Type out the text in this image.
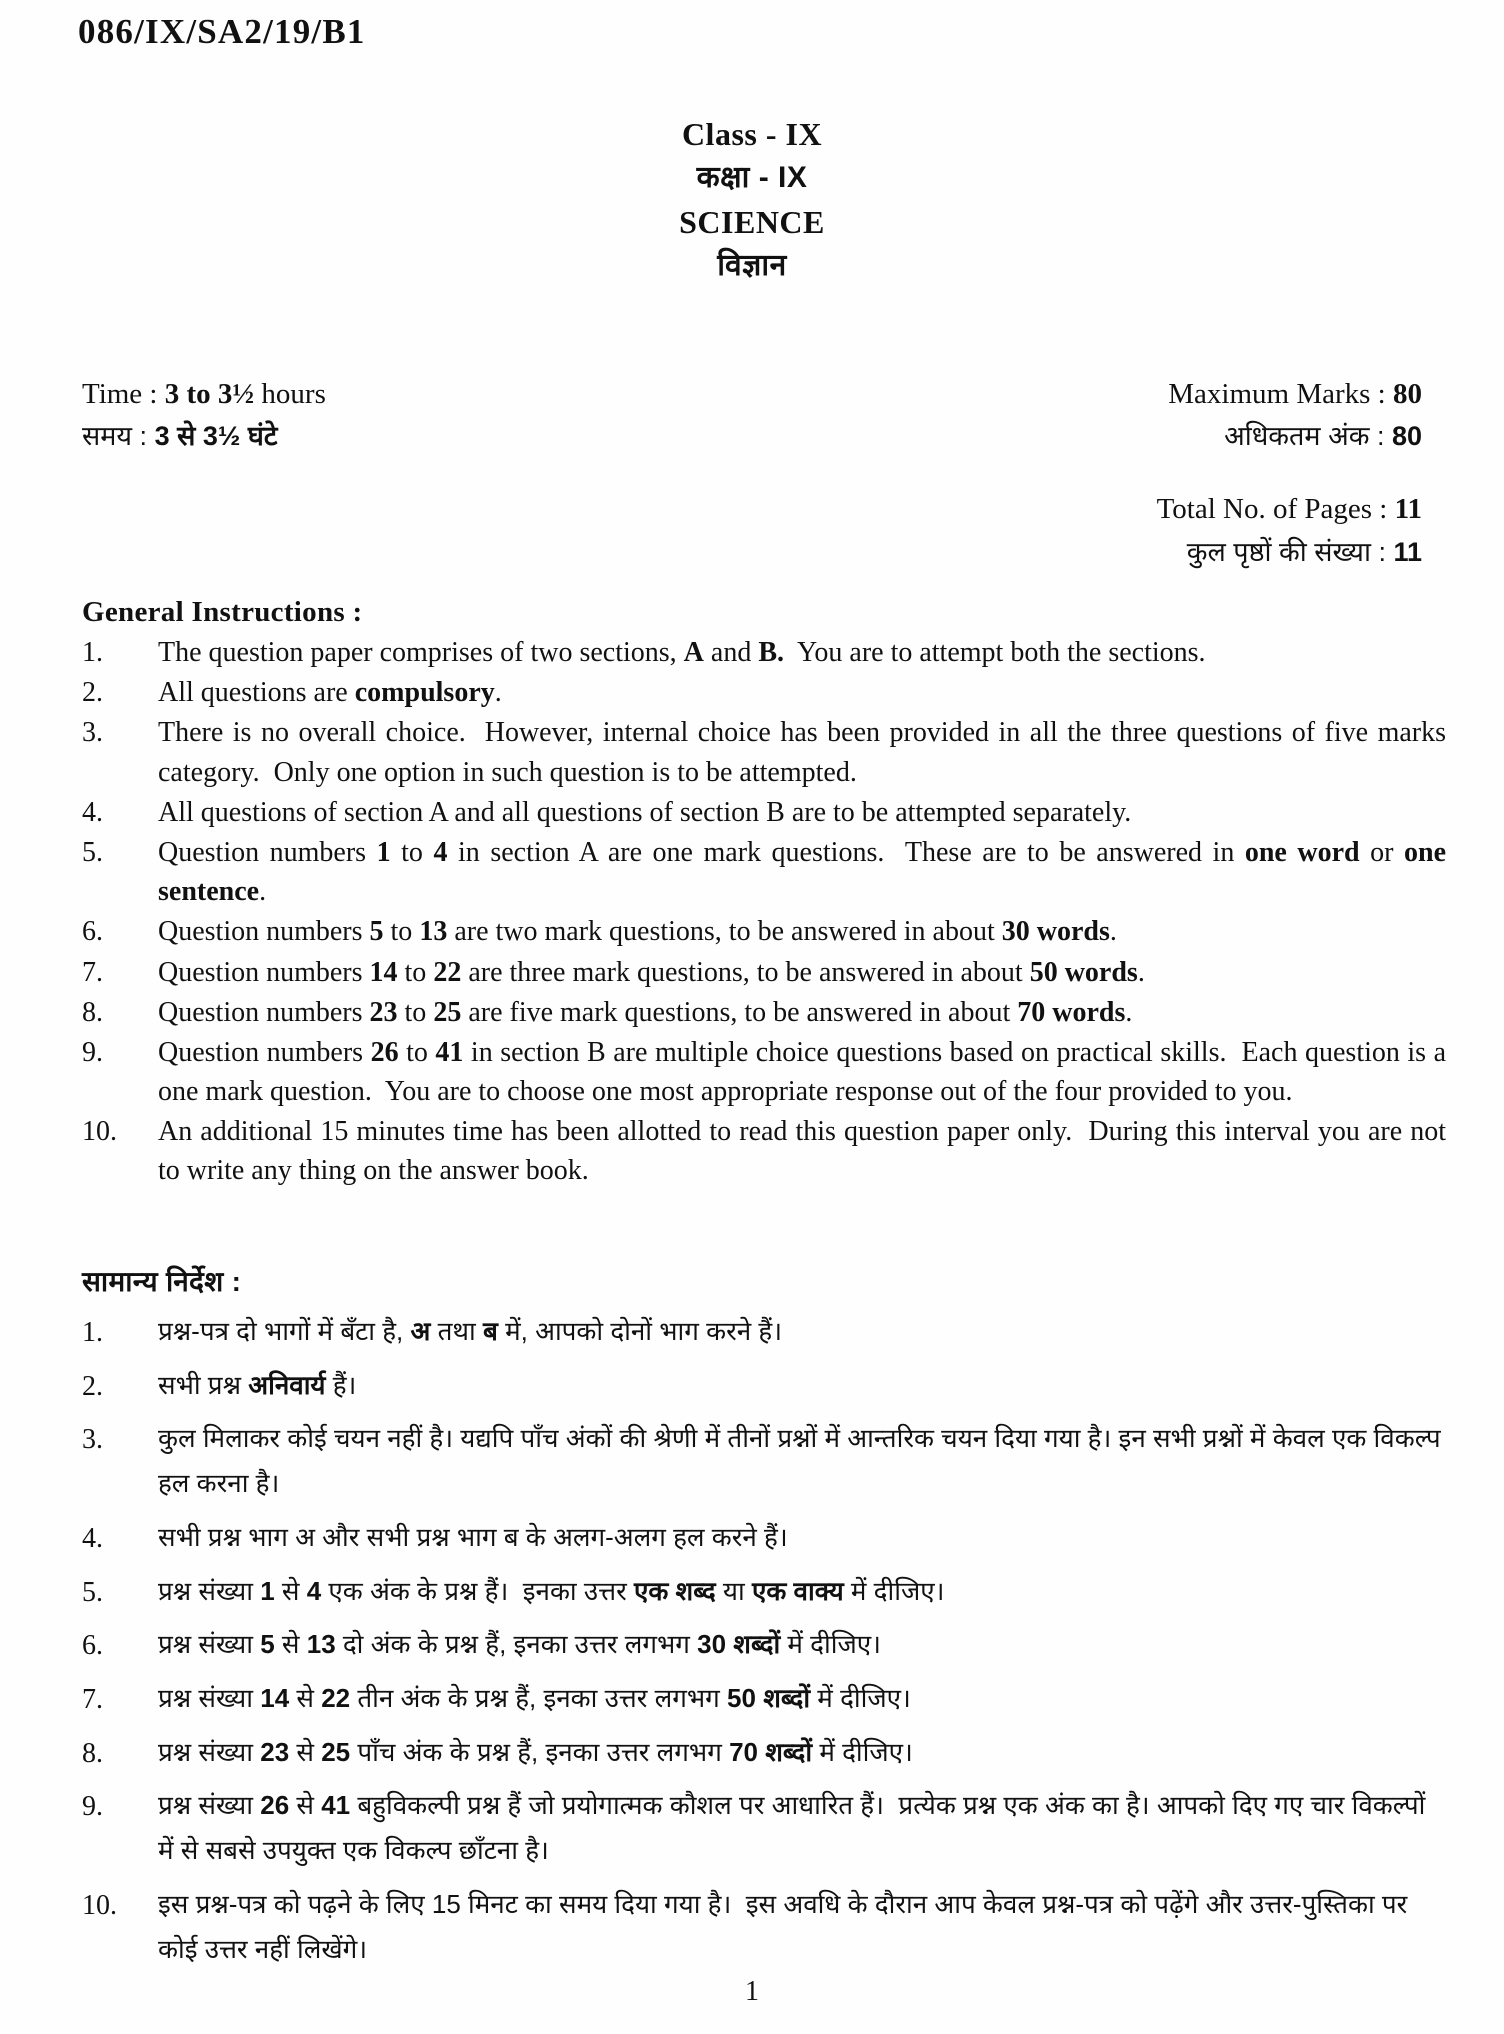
086/IX/SA2/19/B1
Class - IX
कक्षा - IX
SCIENCE
विज्ञान
Time : 3 to 3½ hours	Maximum Marks : 80
समय : 3 से 3½ घंटे	अधिकतम अंक : 80
Total No. of Pages : 11
कुल पृष्ठों की संख्या : 11
General Instructions :
1.	The question paper comprises of two sections, A and B.  You are to attempt both the sections.
2.	All questions are compulsory.
3.	There is no overall choice.  However, internal choice has been provided in all the three questions of five marks category.  Only one option in such question is to be attempted.
4.	All questions of section A and all questions of section B are to be attempted separately.
5.	Question numbers 1 to 4 in section A are one mark questions.  These are to be answered in one word or one sentence.
6.	Question numbers 5 to 13 are two mark questions, to be answered in about 30 words.
7.	Question numbers 14 to 22 are three mark questions, to be answered in about 50 words.
8.	Question numbers 23 to 25 are five mark questions, to be answered in about 70 words.
9.	Question numbers 26 to 41 in section B are multiple choice questions based on practical skills.  Each question is a one mark question.  You are to choose one most appropriate response out of the four provided to you.
10.	An additional 15 minutes time has been allotted to read this question paper only.  During this interval you are not to write any thing on the answer book.
सामान्य निर्देश :
1.	प्रश्न-पत्र दो भागों में बँटा है, अ तथा ब में, आपको दोनों भाग करने हैं।
2.	सभी प्रश्न अनिवार्य हैं।
3.	कुल मिलाकर कोई चयन नहीं है। यद्यपि पाँच अंकों की श्रेणी में तीनों प्रश्नों में आन्तरिक चयन दिया गया है। इन सभी प्रश्नों में केवल एक विकल्प हल करना है।
4.	सभी प्रश्न भाग अ और सभी प्रश्न भाग ब के अलग-अलग हल करने हैं।
5.	प्रश्न संख्या 1 से 4 एक अंक के प्रश्न हैं।  इनका उत्तर एक शब्द या एक वाक्य में दीजिए।
6.	प्रश्न संख्या 5 से 13 दो अंक के प्रश्न हैं, इनका उत्तर लगभग 30 शब्दों में दीजिए।
7.	प्रश्न संख्या 14 से 22 तीन अंक के प्रश्न हैं, इनका उत्तर लगभग 50 शब्दों में दीजिए।
8.	प्रश्न संख्या 23 से 25 पाँच अंक के प्रश्न हैं, इनका उत्तर लगभग 70 शब्दों में दीजिए।
9.	प्रश्न संख्या 26 से 41 बहुविकल्पी प्रश्न हैं जो प्रयोगात्मक कौशल पर आधारित हैं।  प्रत्येक प्रश्न एक अंक का है। आपको दिए गए चार विकल्पों में से सबसे उपयुक्त एक विकल्प छाँटना है।
10.	इस प्रश्न-पत्र को पढ़ने के लिए 15 मिनट का समय दिया गया है।  इस अवधि के दौरान आप केवल प्रश्न-पत्र को पढ़ेंगे और उत्तर-पुस्तिका पर कोई उत्तर नहीं लिखेंगे।
1
